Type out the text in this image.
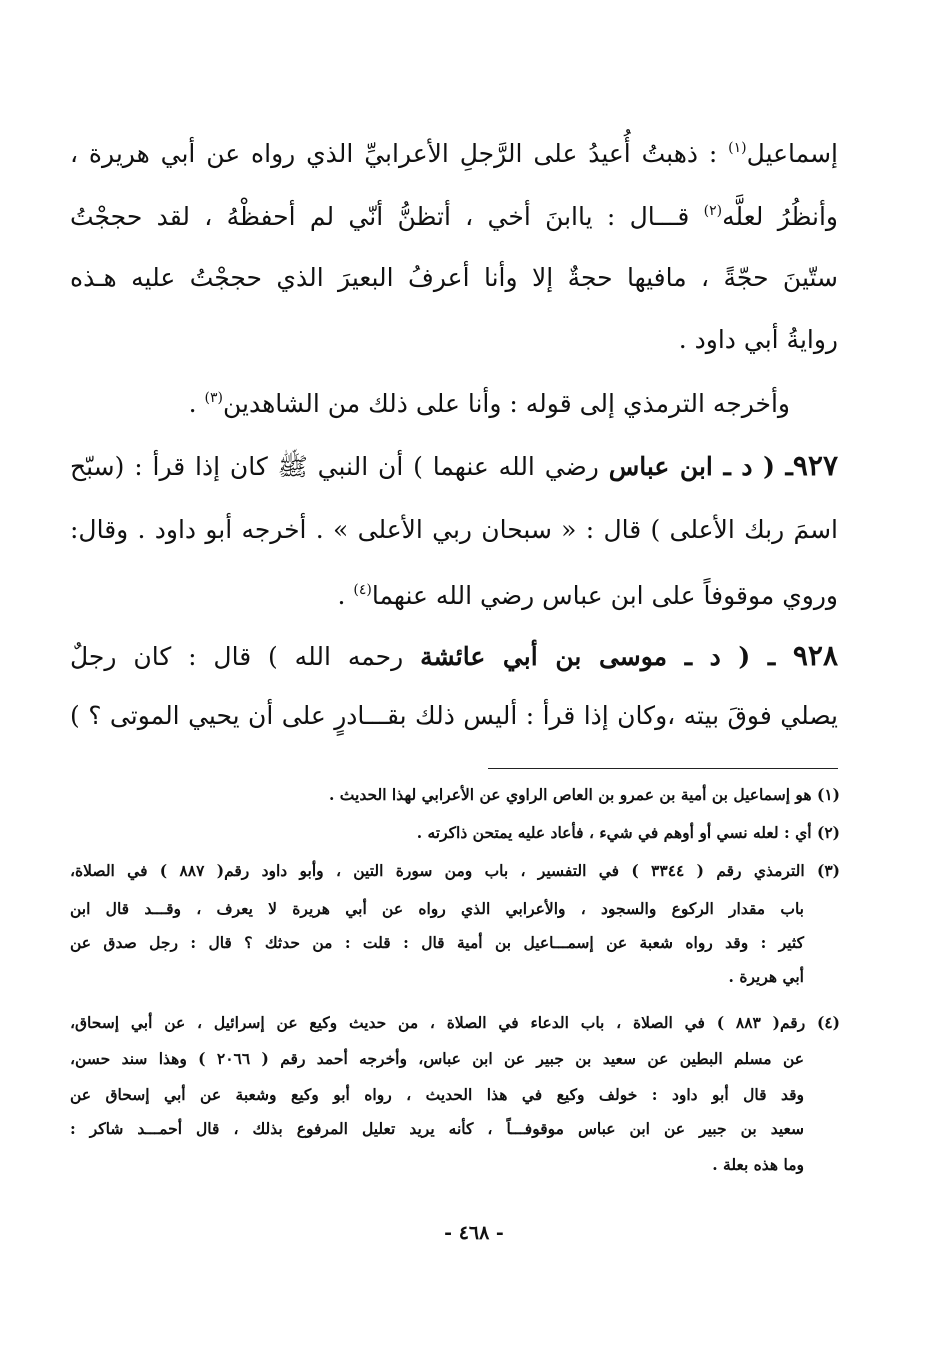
إسماعيل$^{(١)}$ : ذهبتُ أُعيدُ على الرَّجلِ الأعرابيِّ الذي رواه عن أبي هريرة ،
وأنظُرُ لعلَّه$^{(٢)}$ قـــال : ياابنَ أخي ، أتظنُّ أنّي لم أحفظْهُ ، لقد حججْتُ
ستّينَ حجّةً ، مافيها حجةٌ إلا وأنا أعرفُ البعيرَ الذي حججْتُ عليه هـذه
روايةُ أبي داود .
وأخرجه الترمذي إلى قوله : وأنا على ذلك من الشاهدين$^{(٣)}$ .
٩٢٧ـ ( د ـ ابن عباس رضي الله عنهما ) أن النبي ﷺ كان إذا قرأ : (سبّح
اسمَ ربك الأعلى ) قال : « سبحان ربي الأعلى » . أخرجه أبو داود . وقال:
وروي موقوفاً على ابن عباس رضي الله عنهما$^{(٤)}$ .
٩٢٨ ـ ( د ـ موسى بن أبي عائشة رحمه الله ) قال : كان رجلٌ
يصلي فوقَ بيته ،وكان إذا قرأ : أليس ذلك بقـــادرٍ على أن يحيي الموتى ؟ )
(١) هو إسماعيل بن أمية بن عمرو بن العاص الراوي عن الأعرابي لهذا الحديث .
(٢) أي : لعله نسي أو أوهم في شيء ، فأعاد عليه يمتحن ذاكرته .
(٣) الترمذي رقم ( ٣٣٤٤ ) في التفسير ، باب ومن سورة التين ، وأبو داود رقم( ٨٨٧ ) في الصلاة،
باب مقدار الركوع والسجود ، والأعرابي الذي رواه عن أبي هريرة لا يعرف ، وقـــد قال ابن
كثير : وقد رواه شعبة عن إسمـــاعيل بن أمية قال : قلت : من حدثك ؟ قال : رجل صدق عن
أبي هريرة .
(٤) رقم( ٨٨٣ ) في الصلاة ، باب الدعاء في الصلاة ، من حديث وكيع عن إسرائيل ، عن أبي إسحاق،
عن مسلم البطين عن سعيد بن جبير عن ابن عباس، وأخرجه أحمد رقم ( ٢٠٦٦ ) وهذا سند حسن،
وقد قال أبو داود : خولف وكيع في هذا الحديث ، رواه أبو وكيع وشعبة عن أبي إسحاق عن
سعيد بن جبير عن ابن عباس موقوفـــاً ، كأنه يريد تعليل المرفوع بذلك ، قال أحمـــد شاكر :
وما هذه بعلة .
- ٤٦٨ -
